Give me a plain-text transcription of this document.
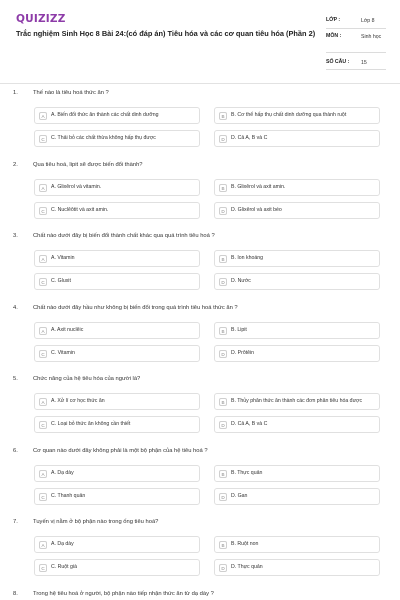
QUIZIZZ
Trắc nghiệm Sinh Học 8 Bài 24:(có đáp án) Tiêu hóa và các cơ quan tiêu hóa (Phần 2)
LỚP :	Lớp 8
MÔN :	Sinh học
SỐ CÂU :	15
1.	Thế nào là tiêu hoá thức ăn ?
A	A. Biến đổi thức ăn thành các chất dinh dưỡng	B	B. Cơ thể hấp thụ chất dinh dưỡng qua thành ruột
C	C. Thải bỏ các chất thừa không hấp thụ được	D	D. Cả A, B và C
2.	Qua tiêu hoá, lipit sẽ được biến đổi thành?
A	A. Glixêrol và vitamin.	B	B. Glixêrol và axit amin.
C	C. Nuclêôtit và axit amin.	D	D. Glixêrol và axit béo
3.	Chất nào dưới đây bị biến đổi thành chất khác qua quá trình tiêu hoá ?
A	A. Vitamin	B	B. Ion khoáng
C	C. Gluxit	D	D. Nước
4.	Chất nào dưới đây hầu như không bị biến đổi trong quá trình tiêu hoá thức ăn ?
A	A. Axit nuclêic	B	B. Lipit
C	C. Vitamin	D	D. Prôtêin
5.	Chức năng của hệ tiêu hóa của người là?
A	A. Xử lí cơ học thức ăn	B	B. Thủy phân thức ăn thành các đơn phân tiêu hóa được
C	C. Loại bỏ thức ăn không cần thiết	D	D. Cả A, B và C
6.	Cơ quan nào dưới đây không phải là một bộ phận của hệ tiêu hoá ?
A	A. Dạ dày	B	B. Thực quản
C	C. Thanh quản	D	D. Gan
7.	Tuyến vị nằm ở bộ phận nào trong ống tiêu hoá?
A	A. Dạ dày	B	B. Ruột non
C	C. Ruột già	D	D. Thực quản
8.	Trong hệ tiêu hoá ở người, bộ phận nào tiếp nhận thức ăn từ dạ dày ?
